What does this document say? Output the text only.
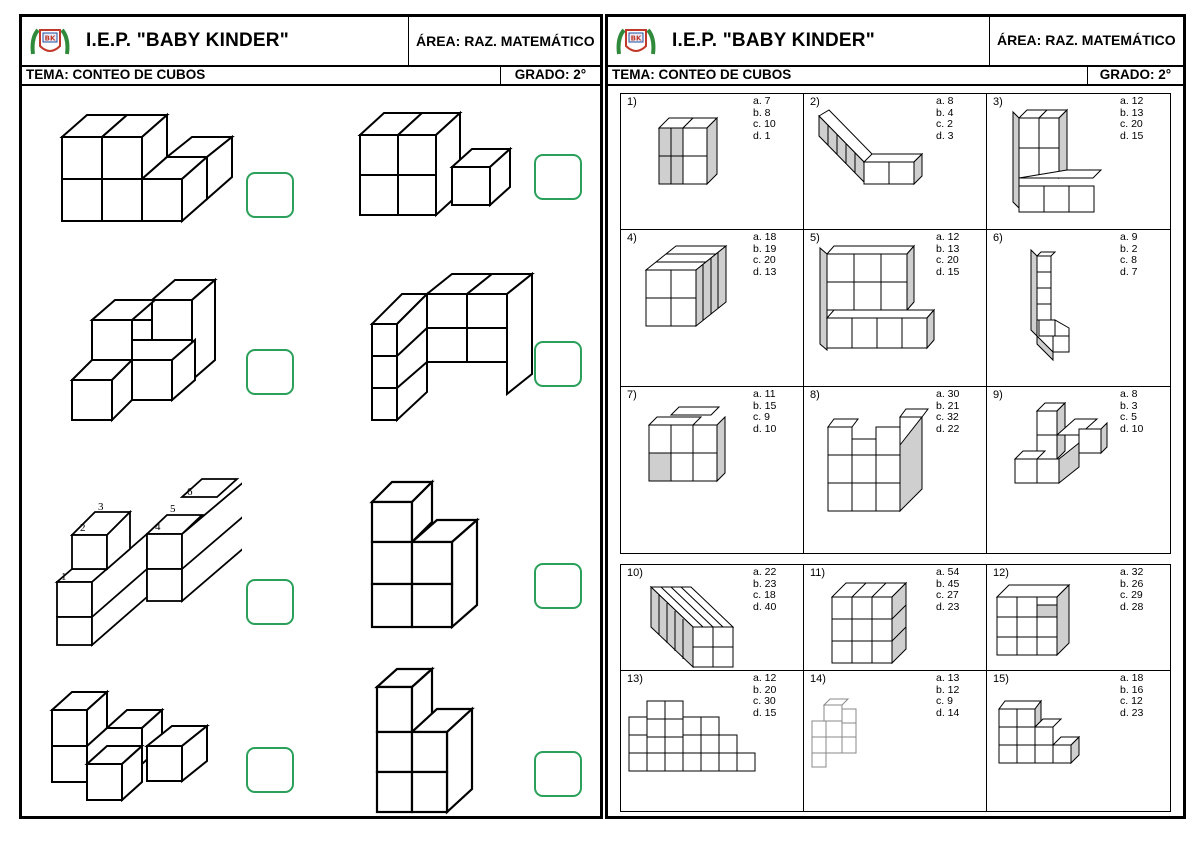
BK I.E.P. "BABY KINDER"	ÁREA: RAZ. MATEMÁTICO
TEMA: CONTEO DE CUBOS	GRADO: 2°
1
2
3
4
5
6
BK I.E.P. "BABY KINDER"	ÁREA: RAZ. MATEMÁTICO
TEMA: CONTEO DE CUBOS	GRADO: 2°
1)	a. 7
b. 8
c. 10
d. 1
2)	a. 8
b. 4
c. 2
d. 3
3)	a. 12
b. 13
c. 20
d. 15
4)	a. 18
b. 19
c. 20
d. 13
5)	a. 12
b. 13
c. 20
d. 15
6)	a. 9
b. 2
c. 8
d. 7
7)	a. 11
b. 15
c. 9
d. 10
8)	a. 30
b. 21
c. 32
d. 22
9)	a. 8
b. 3
c. 5
d. 10
10)	a. 22
b. 23
c. 18
d. 40
11)	a. 54
b. 45
c. 27
d. 23
12)	a. 32
b. 26
c. 29
d. 28
13)	a. 12
b. 20
c. 30
d. 15
14)	a. 13
b. 12
c. 9
d. 14
15)	a. 18
b. 16
c. 12
d. 23
